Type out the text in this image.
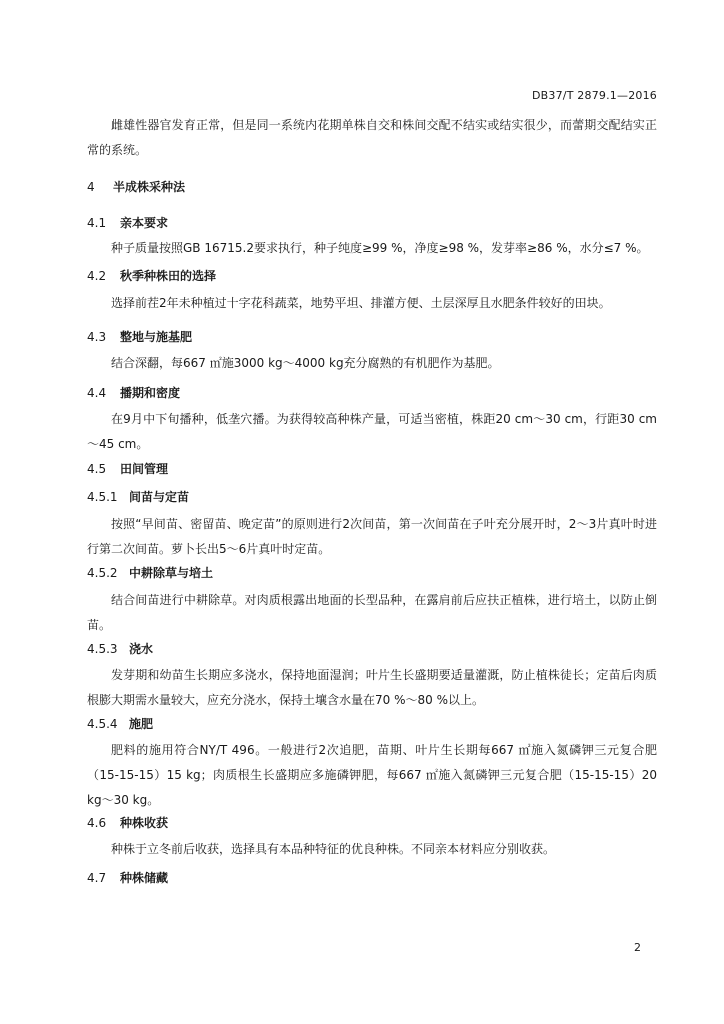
DB37/T 2879.1—2016

雌雄性器官发育正常，但是同一系统内花期单株自交和株间交配不结实或结实很少，而蕾期交配结实正常的系统。

4 半成株采种法
4.1 亲本要求

种子质量按照GB 16715.2要求执行，种子纯度≥99 %，净度≥98 %，发芽率≥86 %，水分≤7 %。

4.2 秋季种株田的选择

选择前茬2年未种植过十字花科蔬菜，地势平坦、排灌方便、土层深厚且水肥条件较好的田块。

4.3 整地与施基肥

结合深翻，每667 ㎡施3000 kg～4000 kg充分腐熟的有机肥作为基肥。

4.4 播期和密度

在9月中下旬播种，低垄穴播。为获得较高种株产量，可适当密植，株距20 cm～30 cm，行距30 cm～45 cm。

4.5 田间管理
4.5.1 间苗与定苗

按照“早间苗、密留苗、晚定苗”的原则进行2次间苗，第一次间苗在子叶充分展开时，2～3片真叶时进行第二次间苗。萝卜长出5～6片真叶时定苗。

4.5.2 中耕除草与培土

结合间苗进行中耕除草。对肉质根露出地面的长型品种，在露肩前后应扶正植株，进行培土，以防止倒苗。

4.5.3 浇水

发芽期和幼苗生长期应多浇水，保持地面湿润；叶片生长盛期要适量灌溉，防止植株徒长；定苗后肉质根膨大期需水量较大，应充分浇水，保持土壤含水量在70 %～80 %以上。

4.5.4 施肥

肥料的施用符合NY/T 496。一般进行2次追肥，苗期、叶片生长期每667 ㎡施入氮磷钾三元复合肥（15-15-15）15 kg；肉质根生长盛期应多施磷钾肥，每667 ㎡施入氮磷钾三元复合肥（15-15-15）20 kg～30 kg。

4.6 种株收获

种株于立冬前后收获，选择具有本品种特征的优良种株。不同亲本材料应分别收获。

4.7 种株储藏
2
